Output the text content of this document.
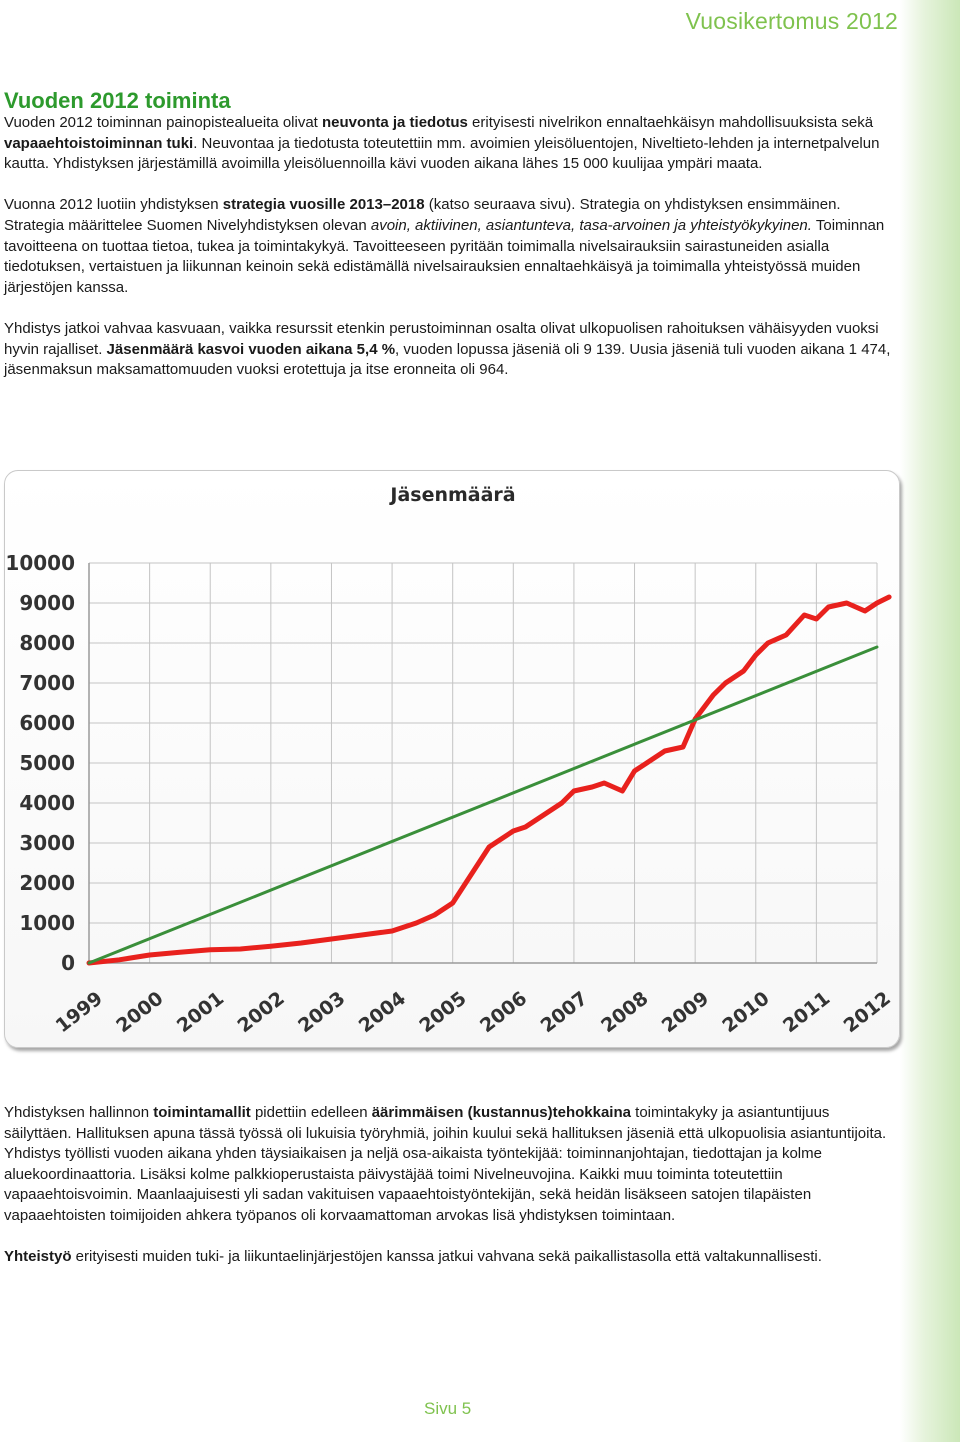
Vuosikertomus 2012
Vuoden 2012 toiminta

Vuoden 2012 toiminnan painopistealueita olivat neuvonta ja tiedotus erityisesti nivelrikon ennaltaehkäisyn mahdollisuuksista sekä vapaaehtoistoiminnan tuki. Neuvontaa ja tiedotusta toteutettiin mm. avoimien yleisöluentojen, Niveltieto-lehden ja internetpalvelun kautta. Yhdistyksen järjestämillä avoimilla yleisöluennoilla kävi vuoden aikana lähes 15 000 kuulijaa ympäri maata.

Vuonna 2012 luotiin yhdistyksen strategia vuosille 2013–2018 (katso seuraava sivu). Strategia on yhdistyksen ensimmäinen. Strategia määrittelee Suomen Nivelyhdistyksen olevan avoin, aktiivinen, asiantunteva, tasa-arvoinen ja yhteistyökykyinen. Toiminnan tavoitteena on tuottaa tietoa, tukea ja toimintakykyä. Tavoitteeseen pyritään toimimalla nivelsairauksiin sairastuneiden asialla tiedotuksen, vertaistuen ja liikunnan keinoin sekä edistämällä nivelsairauksien ennaltaehkäisyä ja toimimalla yhteistyössä muiden järjestöjen kanssa.

Yhdistys jatkoi vahvaa kasvuaan, vaikka resurssit etenkin perustoiminnan osalta olivat ulkopuolisen rahoituksen vähäisyyden vuoksi hyvin rajalliset. Jäsenmäärä kasvoi vuoden aikana 5,4 %, vuoden lopussa jäseniä oli 9 139. Uusia jäseniä tuli vuoden aikana 1 474, jäsenmaksun maksamattomuuden vuoksi erotettuja ja itse eronneita oli 964.

Jäsenmäärä
0
1000
2000
3000
4000
5000
6000
7000
8000
9000
10000
1999 2000 2001 2002 2003 2004 2005 2006 2007 2008 2009 2010 2011 2012

Yhdistyksen hallinnon toimintamallit pidettiin edelleen äärimmäisen (kustannus)tehokkaina toimintakyky ja asiantuntijuus säilyttäen. Hallituksen apuna tässä työssä oli lukuisia työryhmiä, joihin kuului sekä hallituksen jäseniä että ulkopuolisia asiantuntijoita. Yhdistys työllisti vuoden aikana yhden täysiaikaisen ja neljä osa-aikaista työntekijää: toiminnanjohtajan, tiedottajan ja kolme aluekoordinaattoria. Lisäksi kolme palkkioperustaista päivystäjää toimi Nivelneuvojina. Kaikki muu toiminta toteutettiin vapaaehtoisvoimin. Maanlaajuisesti yli sadan vakituisen vapaaehtoistyöntekijän, sekä heidän lisäkseen satojen tilapäisten vapaaehtoisten toimijoiden ahkera työpanos oli korvaamattoman arvokas lisä yhdistyksen toimintaan.

Yhteistyö erityisesti muiden tuki- ja liikuntaelinjärjestöjen kanssa jatkui vahvana sekä paikallistasolla että valtakunnallisesti.

Sivu 5
